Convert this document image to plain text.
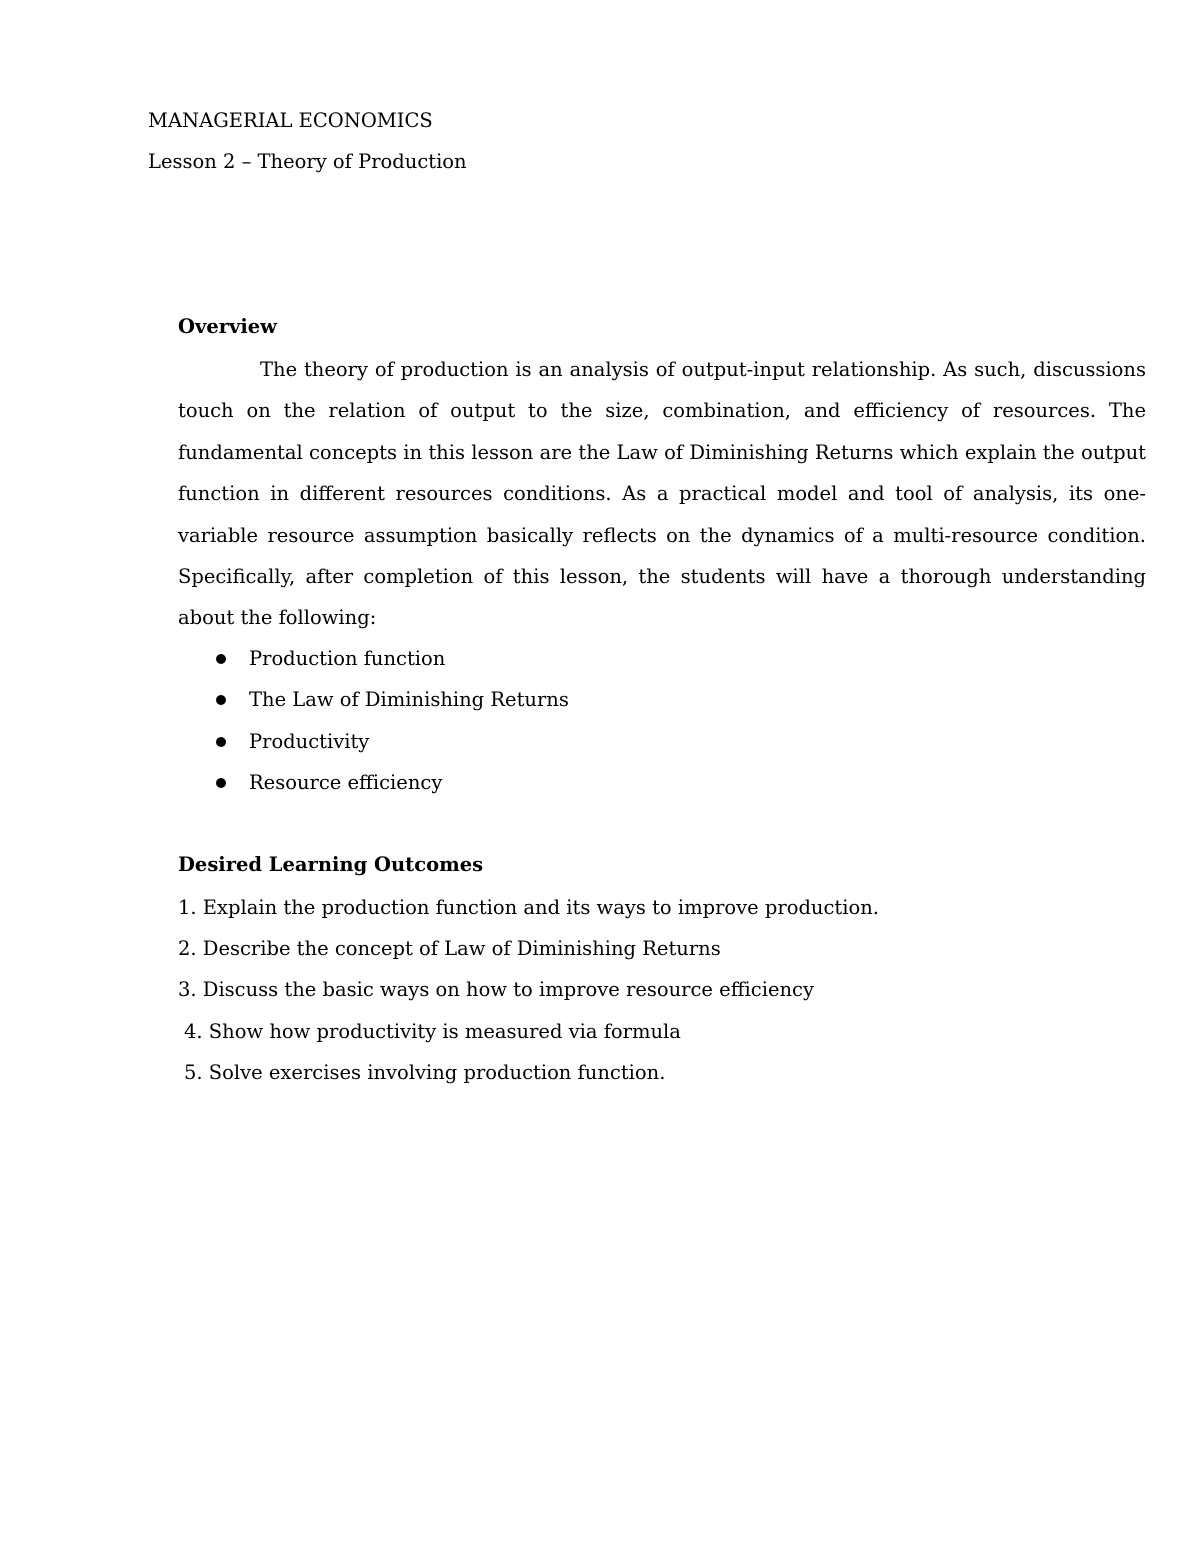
MANAGERIAL ECONOMICS
Lesson 2 – Theory of Production
Overview

The theory of production is an analysis of output-input relationship. As such, discussions touch on the relation of output to the size, combination, and efficiency of resources. The fundamental concepts in this lesson are the Law of Diminishing Returns which explain the output function in different resources conditions. As a practical model and tool of analysis, its one-variable resource assumption basically reflects on the dynamics of a multi-resource condition. Specifically, after completion of this lesson, the students will have a thorough understanding about the following:

Production function
The Law of Diminishing Returns
Productivity
Resource efficiency
Desired Learning Outcomes
1. Explain the production function and its ways to improve production.
2. Describe the concept of Law of Diminishing Returns
3. Discuss the basic ways on how to improve resource efficiency
4. Show how productivity is measured via formula
5. Solve exercises involving production function.
